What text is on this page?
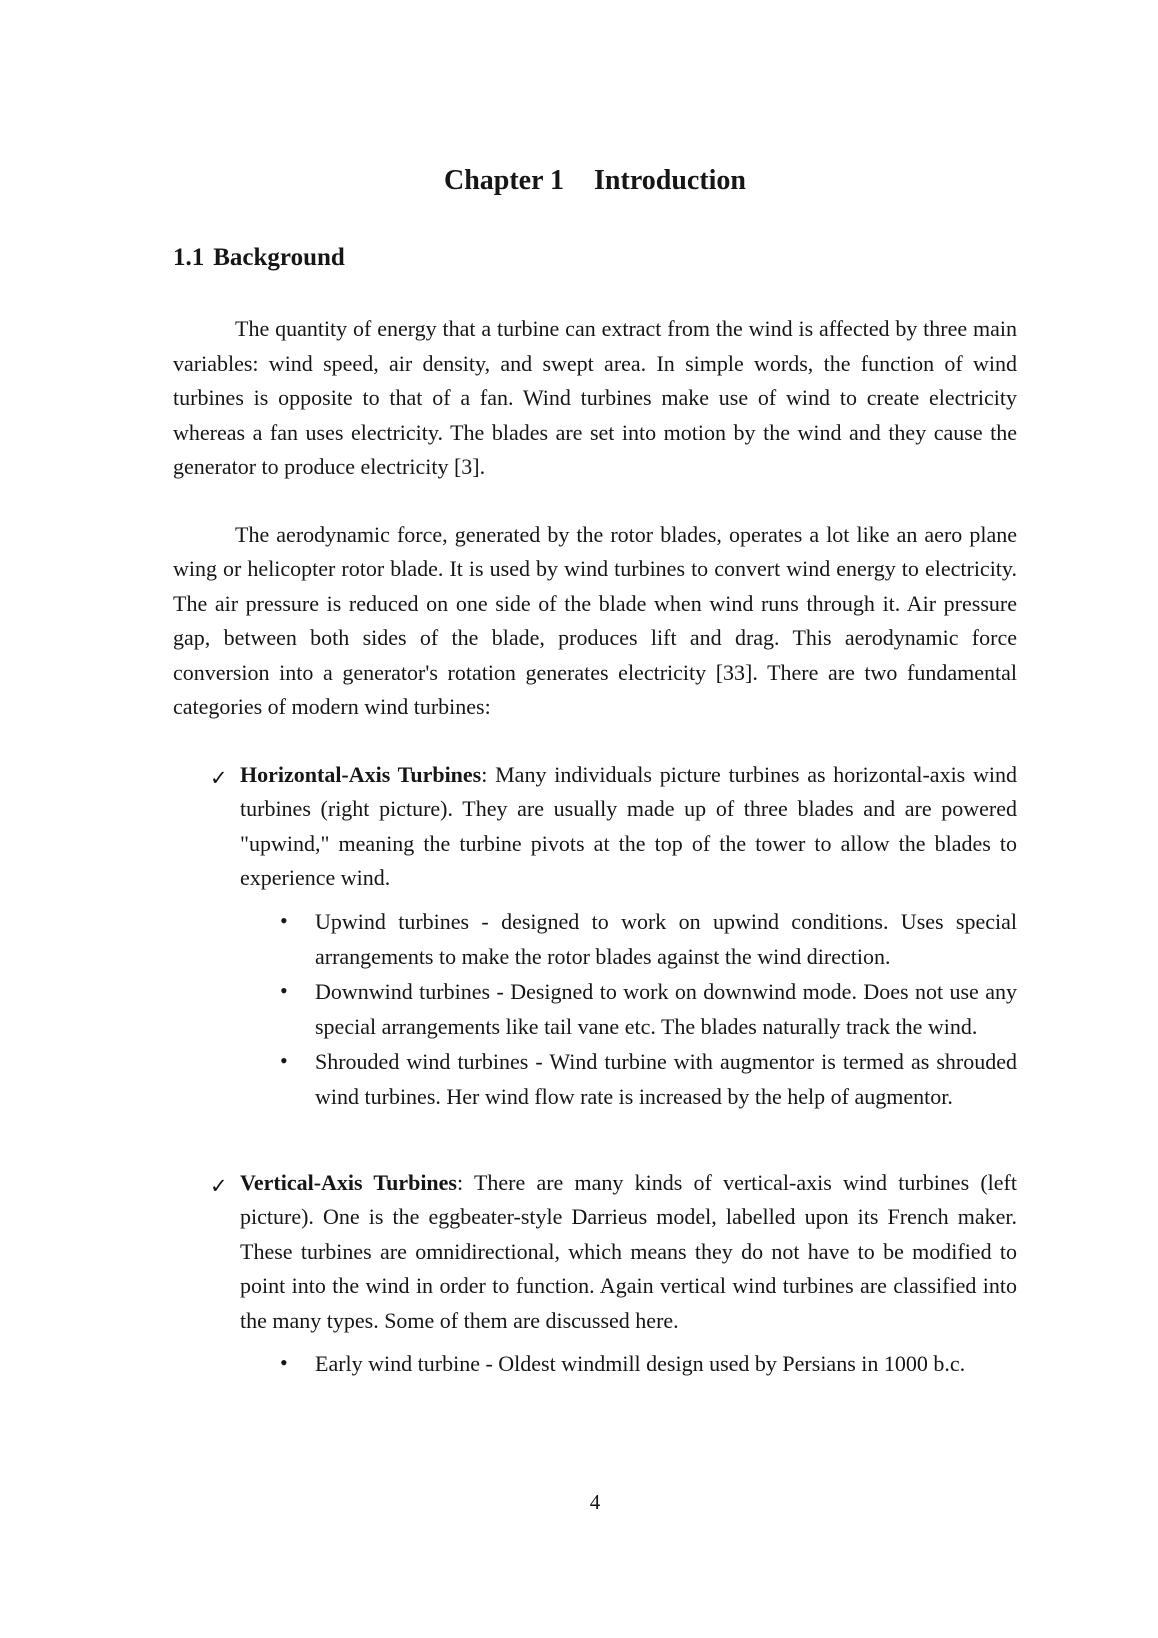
Chapter 1 Introduction
1.1 Background

The quantity of energy that a turbine can extract from the wind is affected by three main variables: wind speed, air density, and swept area. In simple words, the function of wind turbines is opposite to that of a fan. Wind turbines make use of wind to create electricity whereas a fan uses electricity. The blades are set into motion by the wind and they cause the generator to produce electricity [3].

The aerodynamic force, generated by the rotor blades, operates a lot like an aero plane wing or helicopter rotor blade. It is used by wind turbines to convert wind energy to electricity. The air pressure is reduced on one side of the blade when wind runs through it. Air pressure gap, between both sides of the blade, produces lift and drag. This aerodynamic force conversion into a generator's rotation generates electricity [33]. There are two fundamental categories of modern wind turbines:

✓ Horizontal-Axis Turbines: Many individuals picture turbines as horizontal-axis wind turbines (right picture). They are usually made up of three blades and are powered "upwind," meaning the turbine pivots at the top of the tower to allow the blades to experience wind.
• Upwind turbines - designed to work on upwind conditions. Uses special arrangements to make the rotor blades against the wind direction.
• Downwind turbines - Designed to work on downwind mode. Does not use any special arrangements like tail vane etc. The blades naturally track the wind.
• Shrouded wind turbines - Wind turbine with augmentor is termed as shrouded wind turbines. Her wind flow rate is increased by the help of augmentor.
✓ Vertical-Axis Turbines: There are many kinds of vertical-axis wind turbines (left picture). One is the eggbeater-style Darrieus model, labelled upon its French maker. These turbines are omnidirectional, which means they do not have to be modified to point into the wind in order to function. Again vertical wind turbines are classified into the many types. Some of them are discussed here.
• Early wind turbine - Oldest windmill design used by Persians in 1000 b.c.
4
